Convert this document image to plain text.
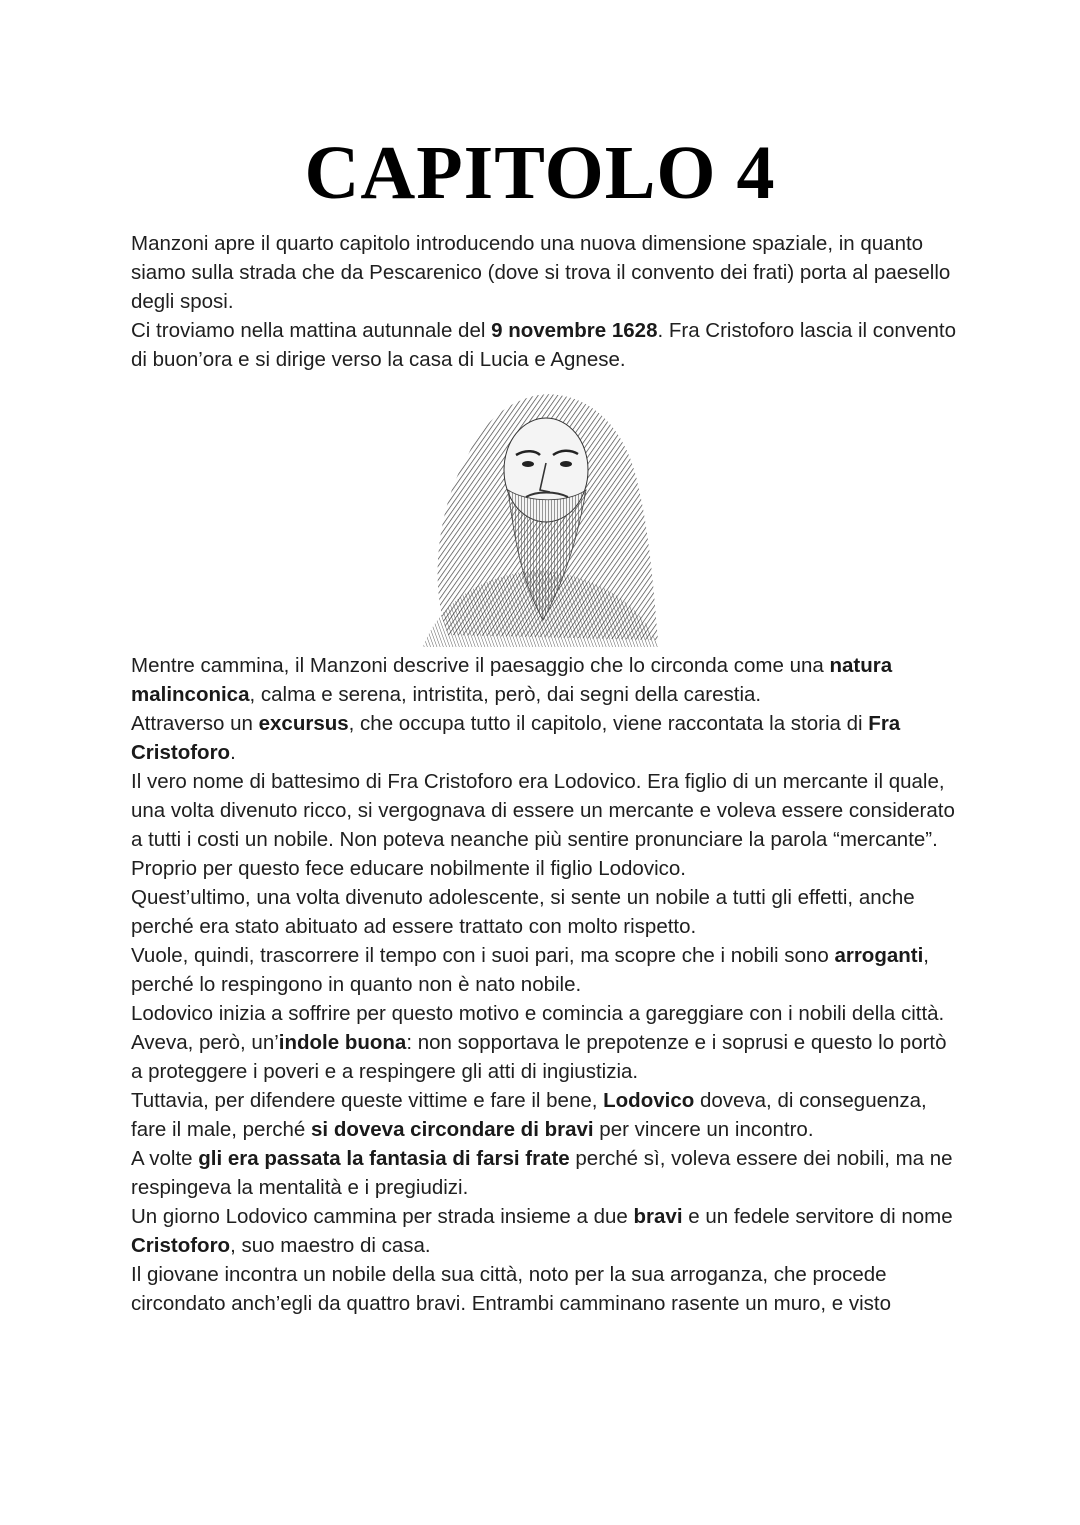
CAPITOLO 4

Manzoni apre il quarto capitolo introducendo una nuova dimensione spaziale, in quanto siamo sulla strada che da Pescarenico (dove si trova il convento dei frati) porta al paesello degli sposi.

Ci troviamo nella mattina autunnale del 9 novembre 1628. Fra Cristoforo lascia il convento di buon’ora e si dirige verso la casa di Lucia e Agnese.

Mentre cammina, il Manzoni descrive il paesaggio che lo circonda come una natura malinconica, calma e serena, intristita, però, dai segni della carestia.

Attraverso un excursus, che occupa tutto il capitolo, viene raccontata la storia di Fra Cristoforo.

Il vero nome di battesimo di Fra Cristoforo era Lodovico. Era figlio di un mercante il quale, una volta divenuto ricco, si vergognava di essere un mercante e voleva essere considerato a tutti i costi un nobile. Non poteva neanche più sentire pronunciare la parola “mercante”. Proprio per questo fece educare nobilmente il figlio Lodovico.

Quest’ultimo, una volta divenuto adolescente, si sente un nobile a tutti gli effetti, anche perché era stato abituato ad essere trattato con molto rispetto.

Vuole, quindi, trascorrere il tempo con i suoi pari, ma scopre che i nobili sono arroganti, perché lo respingono in quanto non è nato nobile.

Lodovico inizia a soffrire per questo motivo e comincia a gareggiare con i nobili della città. Aveva, però, un’indole buona: non sopportava le prepotenze e i soprusi e questo lo portò a proteggere i poveri e a respingere gli atti di ingiustizia.

Tuttavia, per difendere queste vittime e fare il bene, Lodovico doveva, di conseguenza, fare il male, perché si doveva circondare di bravi per vincere un incontro.

A volte gli era passata la fantasia di farsi frate perché sì, voleva essere dei nobili, ma ne respingeva la mentalità e i pregiudizi.

Un giorno Lodovico cammina per strada insieme a due bravi e un fedele servitore di nome Cristoforo, suo maestro di casa.

Il giovane incontra un nobile della sua città, noto per la sua arroganza, che procede circondato anch’egli da quattro bravi. Entrambi camminano rasente un muro, e visto
